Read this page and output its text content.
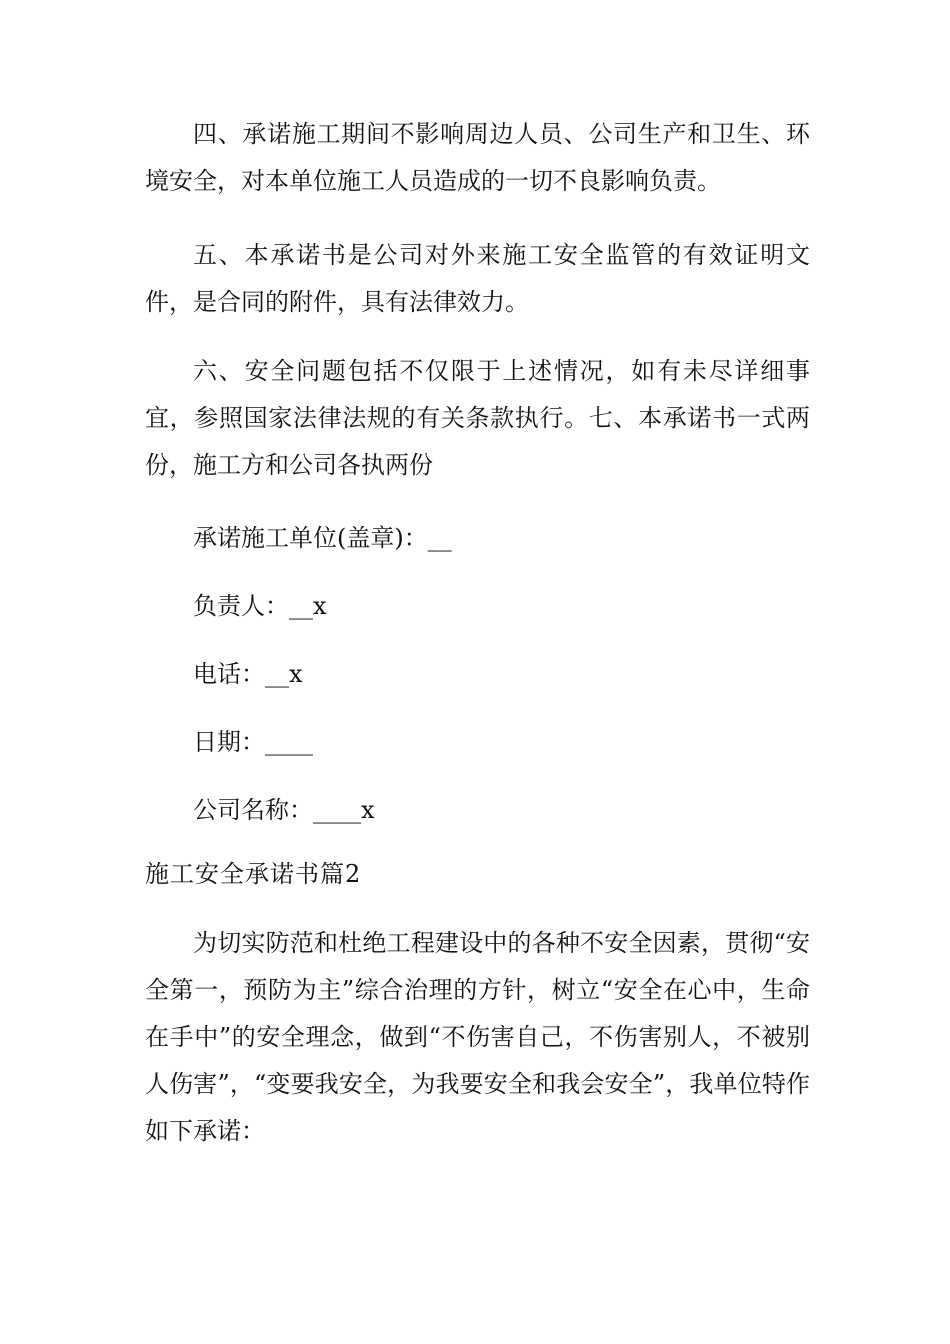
四、承诺施工期间不影响周边人员、公司生产和卫生、环境安全，对本单位施工人员造成的一切不良影响负责。

五、本承诺书是公司对外来施工安全监管的有效证明文件，是合同的附件，具有法律效力。

六、安全问题包括不仅限于上述情况，如有未尽详细事宜，参照国家法律法规的有关条款执行。七、本承诺书一式两份，施工方和公司各执两份

承诺施工单位(盖章)：__

负责人：__x

电话：__x

日期：____

公司名称：____x

施工安全承诺书篇2

为切实防范和杜绝工程建设中的各种不安全因素，贯彻“安全第一，预防为主”综合治理的方针，树立“安全在心中，生命在手中”的安全理念，做到“不伤害自己，不伤害别人，不被别人伤害”，“变要我安全，为我要安全和我会安全”，我单位特作如下承诺：
